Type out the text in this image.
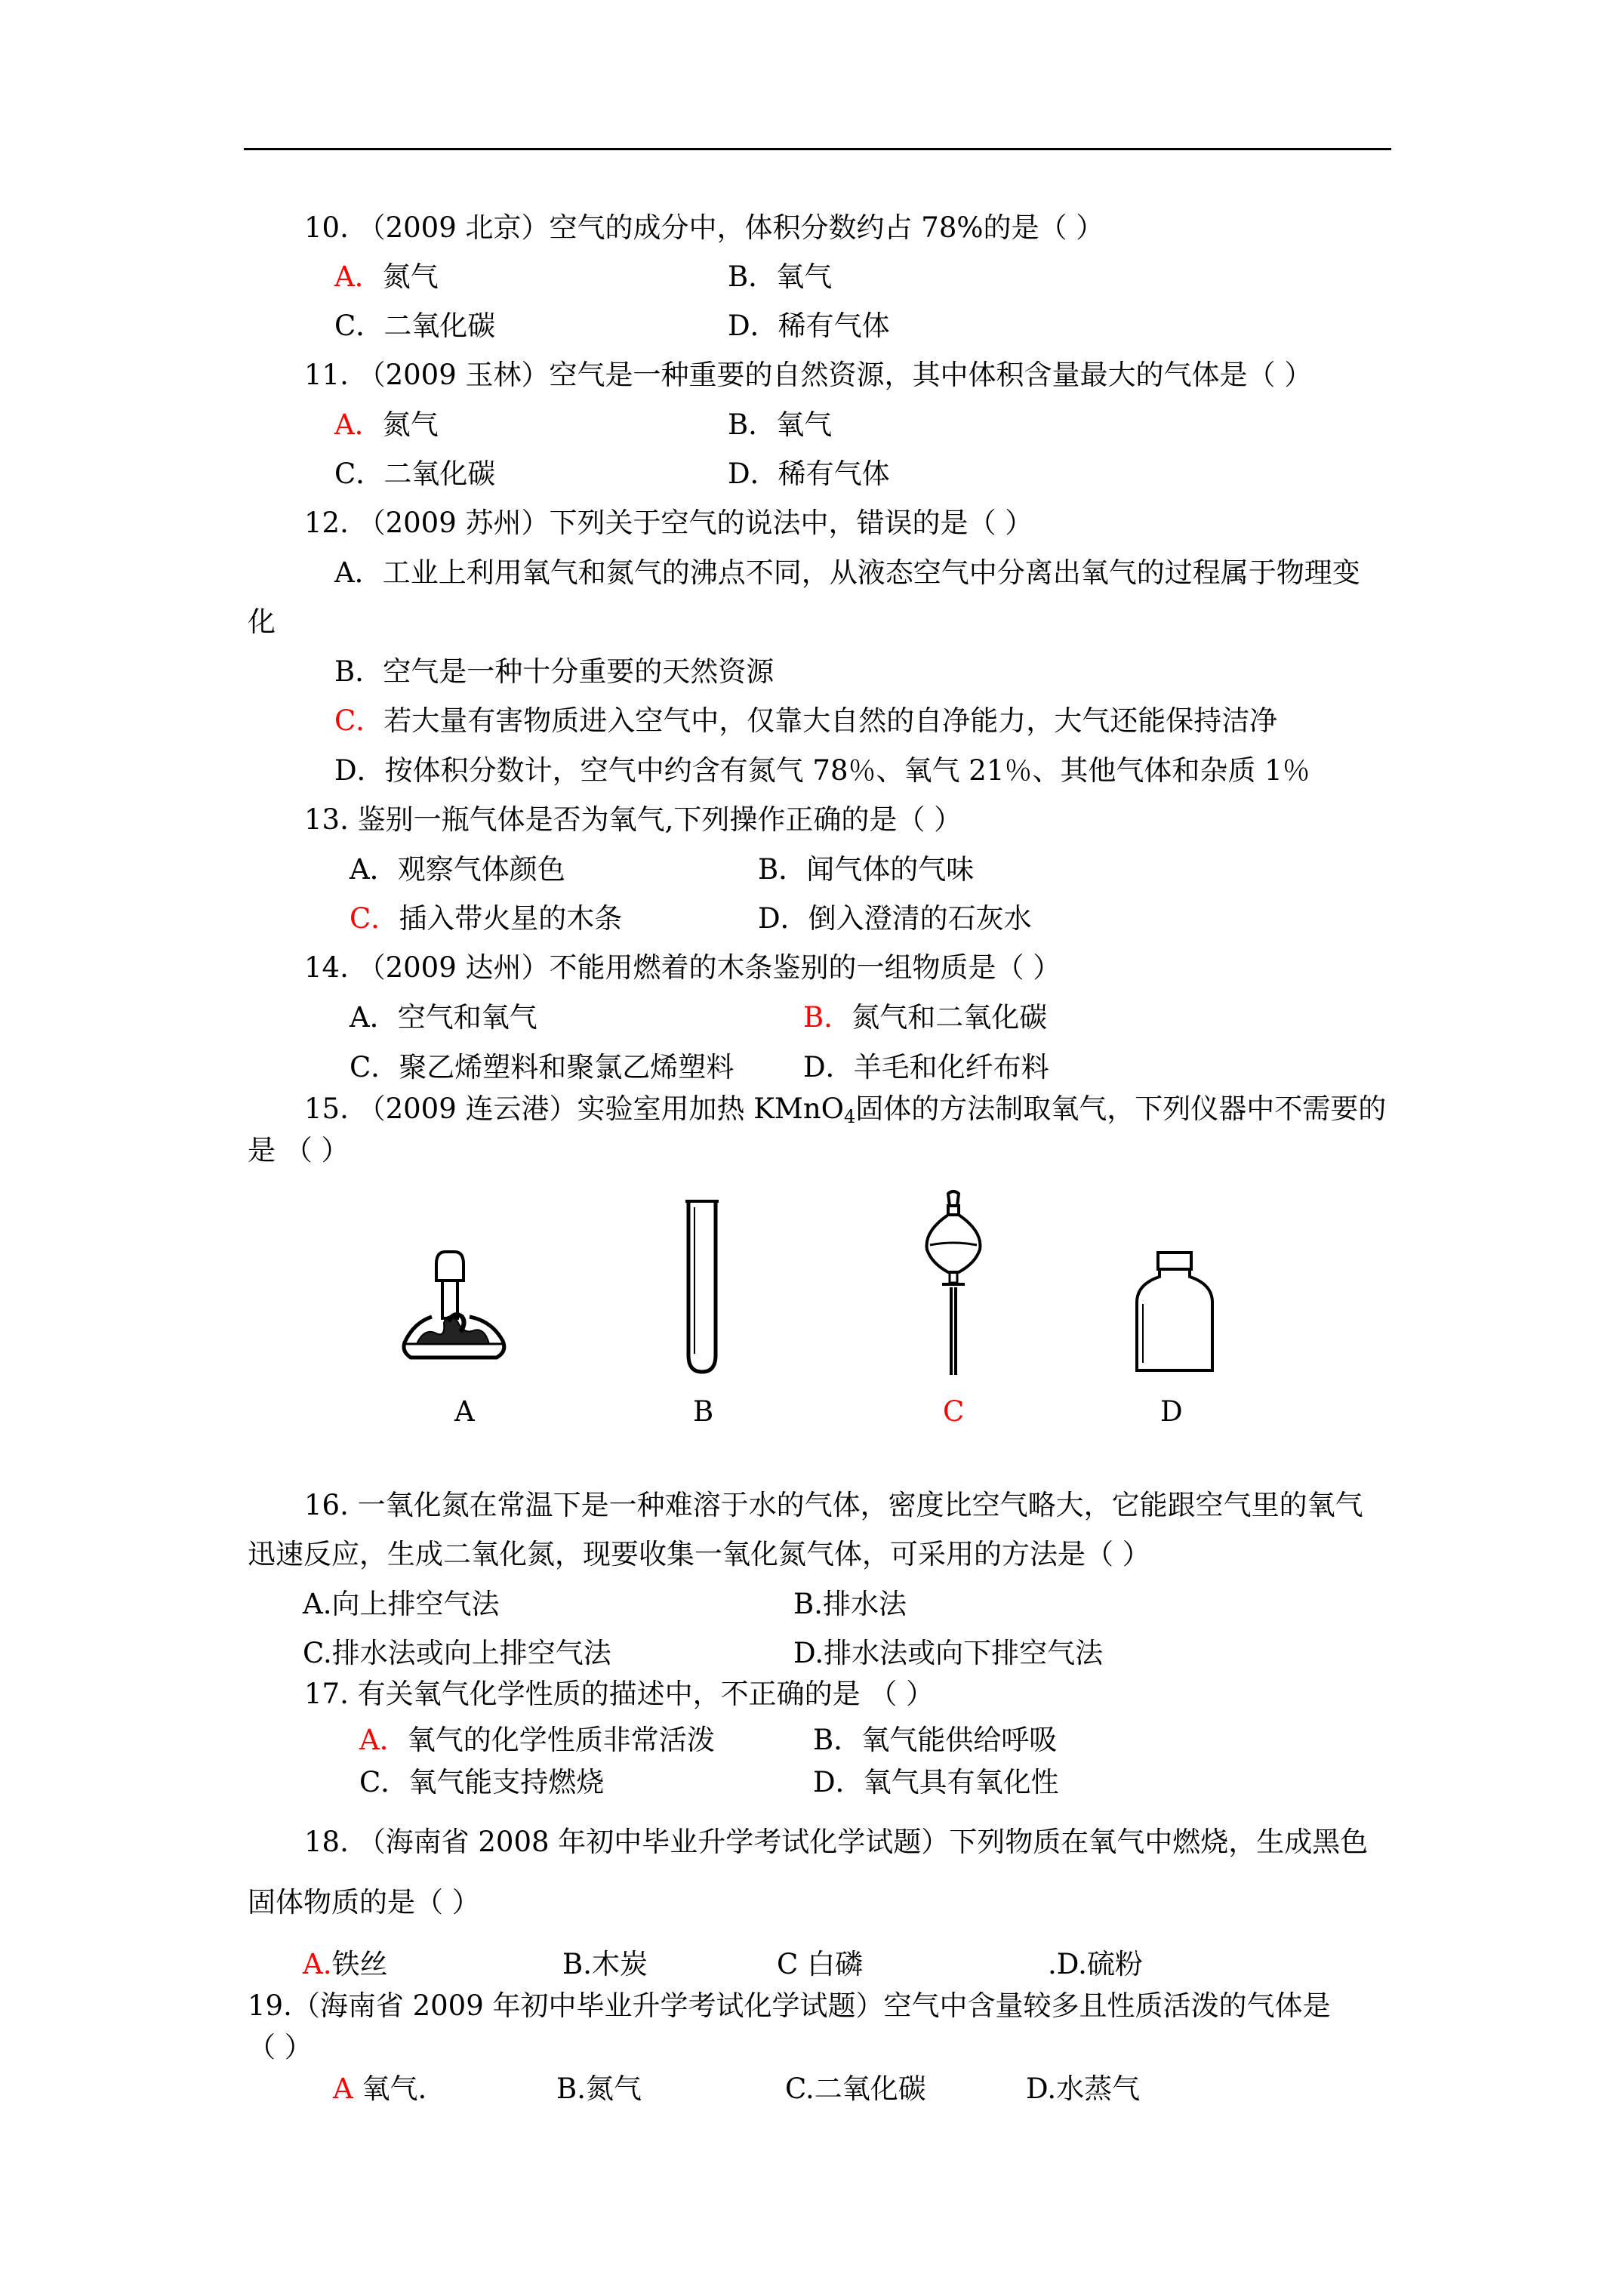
10. （2009 北京）空气的成分中，体积分数约占 78%的是（ ）
A．氮气	B．氧气
C．二氧化碳	D．稀有气体
11. （2009 玉林）空气是一种重要的自然资源，其中体积含量最大的气体是（ ）
A．氮气	B．氧气
C．二氧化碳	D．稀有气体
12. （2009 苏州）下列关于空气的说法中，错误的是（ ）
A．工业上利用氧气和氮气的沸点不同，从液态空气中分离出氧气的过程属于物理变
化
B．空气是一种十分重要的天然资源
C．若大量有害物质进入空气中，仅靠大自然的自净能力，大气还能保持洁净
D．按体积分数计，空气中约含有氮气 78％、氧气 21％、其他气体和杂质 1％
13. 鉴别一瓶气体是否为氧气,下列操作正确的是（ ）
A．观察气体颜色	B．闻气体的气味
C．插入带火星的木条	D．倒入澄清的石灰水
14. （2009 达州）不能用燃着的木条鉴别的一组物质是（ ）
A．空气和氧气	B．氮气和二氧化碳
C．聚乙烯塑料和聚氯乙烯塑料 D．羊毛和化纤布料
15. （2009 连云港）实验室用加热 KMnO$_4$固体的方法制取氧气，下列仪器中不需要的
是 （ ）
A	B	C	D
16. 一氧化氮在常温下是一种难溶于水的气体，密度比空气略大，它能跟空气里的氧气
迅速反应，生成二氧化氮，现要收集一氧化氮气体，可采用的方法是（ ）
A.向上排空气法	B.排水法
C.排水法或向上排空气法	D.排水法或向下排空气法
17. 有关氧气化学性质的描述中，不正确的是 （ ）
A．氧气的化学性质非常活泼	B．氧气能供给呼吸
C．氧气能支持燃烧	D．氧气具有氧化性
18. （海南省 2008 年初中毕业升学考试化学试题）下列物质在氧气中燃烧，生成黑色
固体物质的是（ ）
A.铁丝	B.木炭	C 白磷	.D.硫粉
19.（海南省 2009 年初中毕业升学考试化学试题）空气中含量较多且性质活泼的气体是
（ ）
A 氧气.	B.氮气	C.二氧化碳	D.水蒸气
